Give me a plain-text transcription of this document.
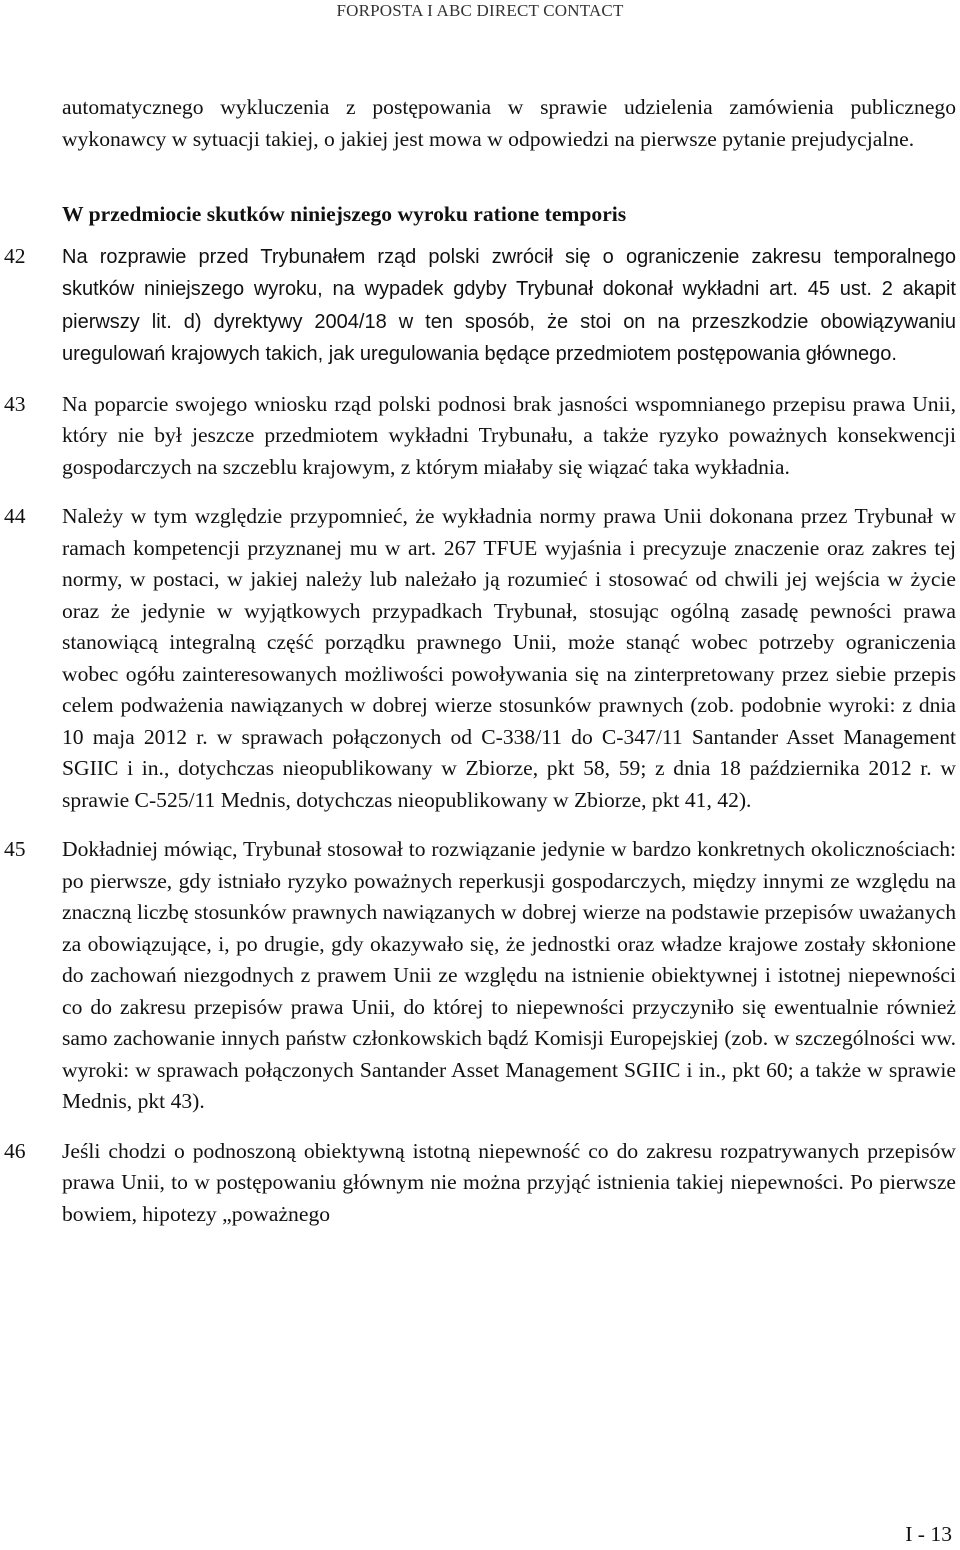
FORPOSTA I ABC DIRECT CONTACT

automatycznego wykluczenia z postępowania w sprawie udzielenia zamówienia publicznego wykonawcy w sytuacji takiej, o jakiej jest mowa w odpowiedzi na pierwsze pytanie prejudycjalne.

W przedmiocie skutków niniejszego wyroku ratione temporis
42	Na rozprawie przed Trybunałem rząd polski zwrócił się o ograniczenie zakresu temporalnego skutków niniejszego wyroku, na wypadek gdyby Trybunał dokonał wykładni art. 45 ust. 2 akapit pierwszy lit. d) dyrektywy 2004/18 w ten sposób, że stoi on na przeszkodzie obowiązywaniu uregulowań krajowych takich, jak uregulowania będące przedmiotem postępowania głównego.
43	Na poparcie swojego wniosku rząd polski podnosi brak jasności wspomnianego przepisu prawa Unii, który nie był jeszcze przedmiotem wykładni Trybunału, a także ryzyko poważnych konsekwencji gospodarczych na szczeblu krajowym, z którym miałaby się wiązać taka wykładnia.
44	Należy w tym względzie przypomnieć, że wykładnia normy prawa Unii dokonana przez Trybunał w ramach kompetencji przyznanej mu w art. 267 TFUE wyjaśnia i precyzuje znaczenie oraz zakres tej normy, w postaci, w jakiej należy lub należało ją rozumieć i stosować od chwili jej wejścia w życie oraz że jedynie w wyjątkowych przypadkach Trybunał, stosując ogólną zasadę pewności prawa stanowiącą integralną część porządku prawnego Unii, może stanąć wobec potrzeby ograniczenia wobec ogółu zainteresowanych możliwości powoływania się na zinterpretowany przez siebie przepis celem podważenia nawiązanych w dobrej wierze stosunków prawnych (zob. podobnie wyroki: z dnia 10 maja 2012 r. w sprawach połączonych od C-338/11 do C-347/11 Santander Asset Management SGIIC i in., dotychczas nieopublikowany w Zbiorze, pkt 58, 59; z dnia 18 października 2012 r. w sprawie C-525/11 Mednis, dotychczas nieopublikowany w Zbiorze, pkt 41, 42).
45	Dokładniej mówiąc, Trybunał stosował to rozwiązanie jedynie w bardzo konkretnych okolicznościach: po pierwsze, gdy istniało ryzyko poważnych reperkusji gospodarczych, między innymi ze względu na znaczną liczbę stosunków prawnych nawiązanych w dobrej wierze na podstawie przepisów uważanych za obowiązujące, i, po drugie, gdy okazywało się, że jednostki oraz władze krajowe zostały skłonione do zachowań niezgodnych z prawem Unii ze względu na istnienie obiektywnej i istotnej niepewności co do zakresu przepisów prawa Unii, do której to niepewności przyczyniło się ewentualnie również samo zachowanie innych państw członkowskich bądź Komisji Europejskiej (zob. w szczególności ww. wyroki: w sprawach połączonych Santander Asset Management SGIIC i in., pkt 60; a także w sprawie Mednis, pkt 43).
46	Jeśli chodzi o podnoszoną obiektywną istotną niepewność co do zakresu rozpatrywanych przepisów prawa Unii, to w postępowaniu głównym nie można przyjąć istnienia takiej niepewności. Po pierwsze bowiem, hipotezy „poważnego
I - 13
